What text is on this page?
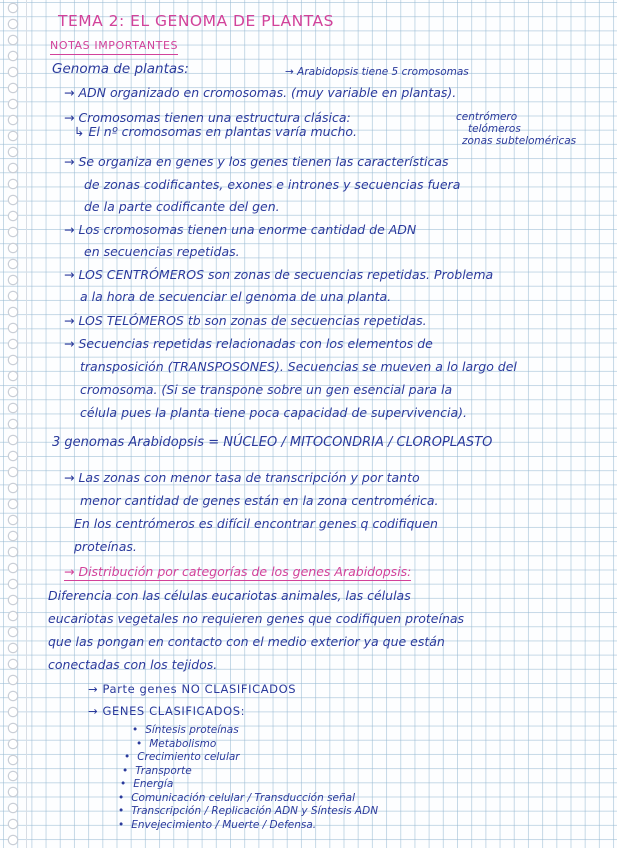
TEMA 2: EL GENOMA DE PLANTAS
NOTAS IMPORTANTES
Genoma de plantas:	→ Arabidopsis tiene 5 cromosomas
→ ADN organizado en cromosomas. (muy variable en plantas).
→ Cromosomas tienen una estructura clásica:
↳ El nº cromosomas en plantas varía mucho.
centrómero
telómeros
zonas subteloméricas
→ Se organiza en genes y los genes tienen las características
de zonas codificantes, exones e intrones y secuencias fuera
de la parte codificante del gen.
→ Los cromosomas tienen una enorme cantidad de ADN
en secuencias repetidas.
→ LOS CENTRÓMEROS son zonas de secuencias repetidas. Problema
a la hora de secuenciar el genoma de una planta.
→ LOS TELÓMEROS tb son zonas de secuencias repetidas.
→ Secuencias repetidas relacionadas con los elementos de
transposición (TRANSPOSONES). Secuencias se mueven a lo largo del
cromosoma. (Si se transpone sobre un gen esencial para la
célula pues la planta tiene poca capacidad de supervivencia).
3 genomas Arabidopsis = NÚCLEO / MITOCONDRIA / CLOROPLASTO
→ Las zonas con menor tasa de transcripción y por tanto
menor cantidad de genes están en la zona centromérica.
En los centrómeros es difícil encontrar genes q codifiquen
proteínas.
→ Distribución por categorías de los genes Arabidopsis:
Diferencia con las células eucariotas animales, las células
eucariotas vegetales no requieren genes que codifiquen proteínas
que las pongan en contacto con el medio exterior ya que están
conectadas con los tejidos.
→ Parte genes NO CLASIFICADOS
→ GENES CLASIFICADOS:
• Síntesis proteínas
• Metabolismo
• Crecimiento celular
• Transporte
• Energía
• Comunicación celular / Transducción señal
• Transcripción / Replicación ADN y Síntesis ADN
• Envejecimiento / Muerte / Defensa.
